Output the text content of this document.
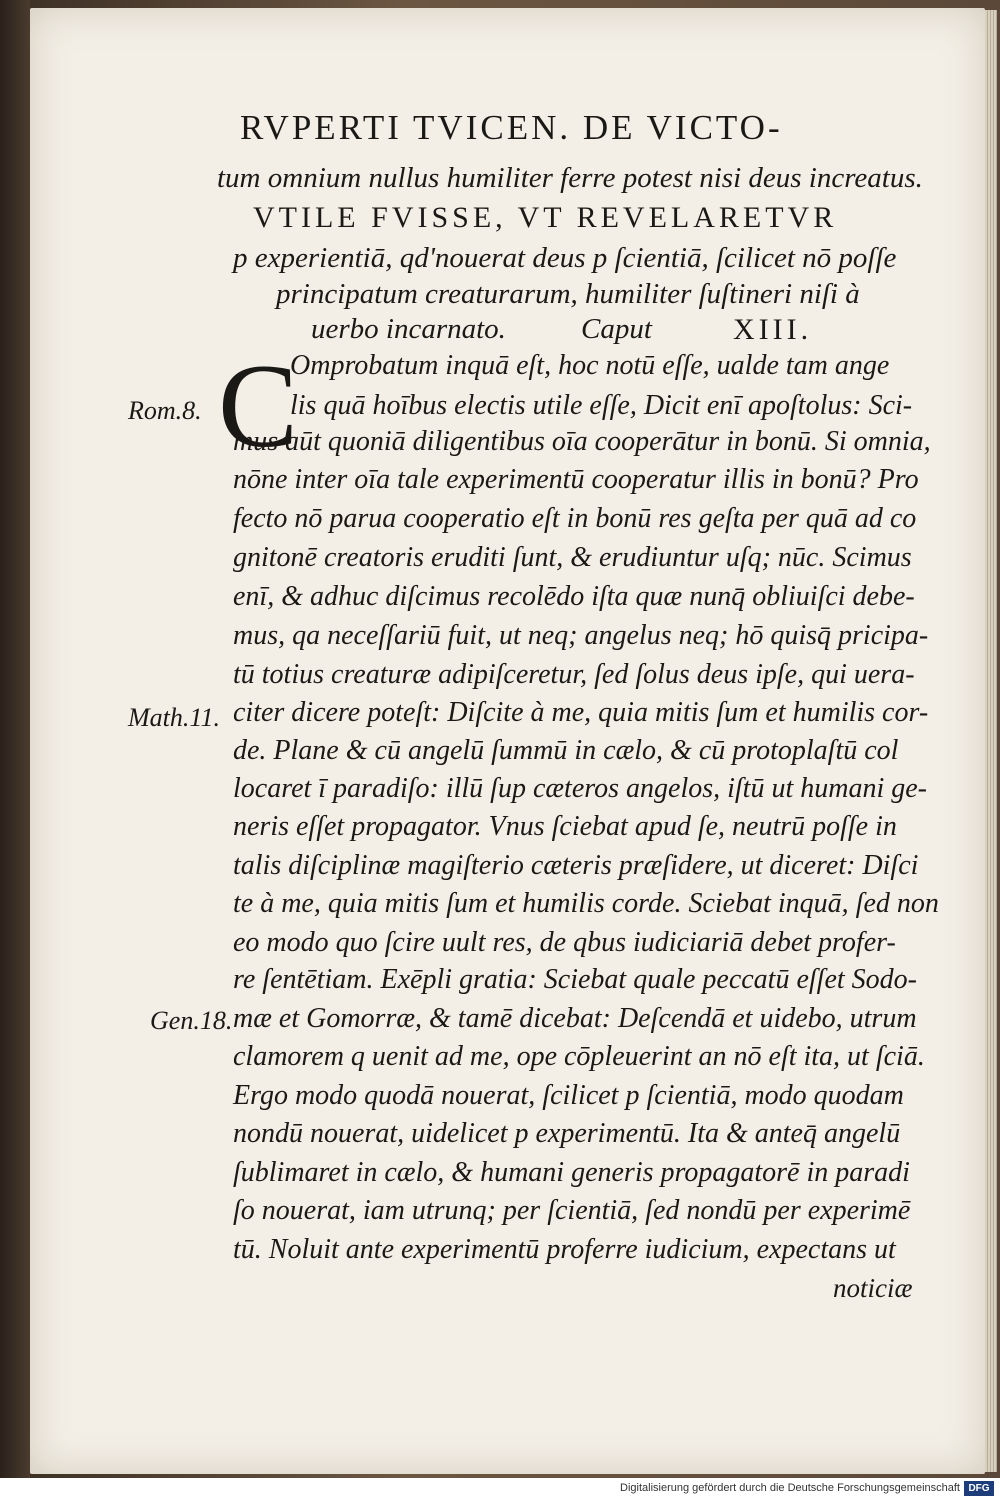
RVPERTI TVICEN. DE VICTO-
tum omnium nullus humiliter ferre potest nisi deus increatus.
VTILE FVISSE, VT REVELARETVR
p experientiā, qd'nouerat deus p ſcientiā, ſcilicet nō poſſe
principatum creaturarum, humiliter ſuſtineri niſi à
uerbo incarnato.	Caput	XIII.
C
Omprobatum inquā eſt, hoc notū eſſe, ualde tam ange
lis quā hoībus electis utile eſſe, Dicit enī apoſtolus: Sci-
mus aūt quoniā diligentibus oīa cooperātur in bonū. Si omnia,
nōne inter oīa tale experimentū cooperatur illis in bonū? Pro
fecto nō parua cooperatio eſt in bonū res geſta per quā ad co
gnitonē creatoris eruditi ſunt, & erudiuntur uſq; nūc. Scimus
enī, & adhuc diſcimus recolēdo iſta quæ nunq̄ obliuiſci debe-
mus, qa neceſſariū fuit, ut neq; angelus neq; hō quisq̄ pricipa-
tū totius creaturæ adipiſceretur, ſed ſolus deus ipſe, qui uera-
citer dicere poteſt: Diſcite à me, quia mitis ſum et humilis cor-
de. Plane & cū angelū ſummū in cælo, & cū protoplaſtū col
locaret ī paradiſo: illū ſup cæteros angelos, iſtū ut humani ge-
neris eſſet propagator. Vnus ſciebat apud ſe, neutrū poſſe in
talis diſciplinæ magiſterio cæteris præſidere, ut diceret: Diſci
te à me, quia mitis ſum et humilis corde. Sciebat inquā, ſed non
eo modo quo ſcire uult res, de qbus iudiciariā debet profer-
re ſentētiam. Exēpli gratia: Sciebat quale peccatū eſſet Sodo-
mæ et Gomorræ, & tamē dicebat: Deſcendā et uidebo, utrum
clamorem q uenit ad me, ope cōpleuerint an nō eſt ita, ut ſciā.
Ergo modo quodā nouerat, ſcilicet p ſcientiā, modo quodam
nondū nouerat, uidelicet p experimentū. Ita & anteq̄ angelū
ſublimaret in cælo, & humani generis propagatorē in paradi
ſo nouerat, iam utrunq; per ſcientiā, ſed nondū per experimē
tū. Noluit ante experimentū proferre iudicium, expectans ut
noticiæ
Rom.8.
Math.11.
Gen.18.
Digitalisierung gefördert durch die Deutsche Forschungsgemeinschaft DFG
